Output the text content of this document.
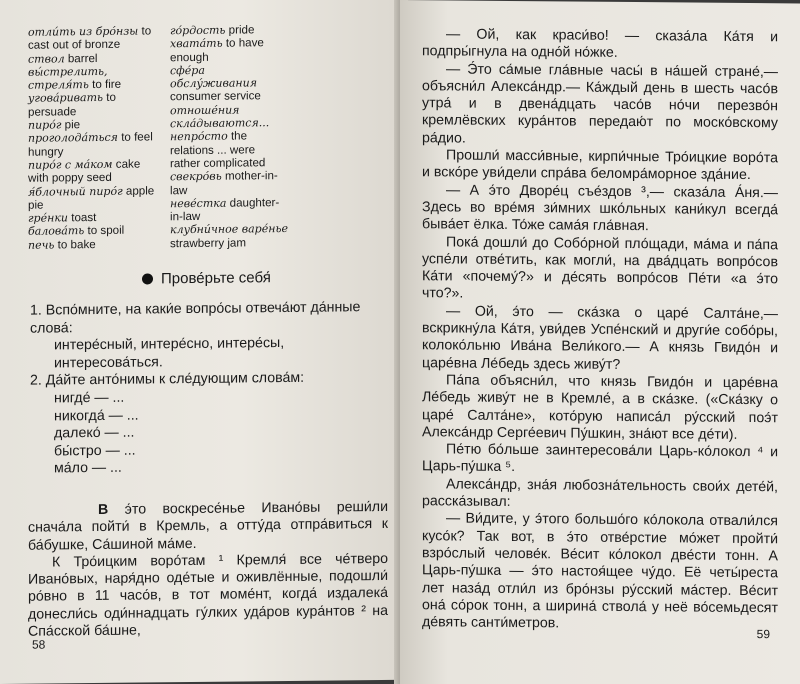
отли́ть из бро́нзы to cast out of bronze
ствол barrel
вы́стрелить, стреля́ть to fire
угова́ривать to persuade
пиро́г pie
проголода́ться to feel hungry
пиро́г с ма́ком cake with poppy seed
я́блочный пиро́г apple pie
гре́нки toast
балова́ть to spoil
печь to bake
го́рдость pride
хвата́ть to have enough
сфе́ра обслу́живания consumer service
отноше́ния скла́дываются... непро́сто the relations ... were rather complicated
свекро́вь mother-in-law
неве́стка daughter-in-law
клубни́чное варе́нье strawberry jam
Прове́рьте себя́

1. Вспо́мните, на каки́е вопро́сы отвеча́ют да́нные слова́:

интере́сный, интере́сно, интере́сы, интересова́ться.

2. Да́йте анто́нимы к сле́дующим слова́м:

нигде́ — ...

никогда́ — ...

далеко́ — ...

бы́стро — ...

ма́ло — ...

В э́то воскресе́нье Ивано́вы реши́ли снача́ла пойти́ в Кремль, а отту́да отпра́виться к ба́бушке, Са́шиной ма́ме.

К Тро́ицким воро́там ¹ Кремля́ все че́тверо Ивано́вых, наря́дно оде́тые и оживлённые, подошли́ ро́вно в 11 часо́в, в тот моме́нт, когда́ издалека́ донесли́сь оди́ннадцать гу́лких уда́ров кура́нтов ² на Спа́сской ба́шне,

58

— Ой, как краси́во! — сказа́ла Ка́тя и подпры́гнула на одно́й но́жке.

— Э́то са́мые гла́вные часы́ в на́шей стране́,— объясни́л Алекса́ндр.— Ка́ждый день в шесть часо́в утра́ и в двена́дцать часо́в но́чи перезво́н кремлёвских кура́нтов передаю́т по моско́вскому ра́дио.

Прошли́ масси́вные, кирпи́чные Тро́ицкие воро́та и вско́ре уви́дели спра́ва беломра́морное зда́ние.

— А э́то Дворе́ц съе́здов ³,— сказа́ла А́ня.— Здесь во вре́мя зи́мних шко́льных кани́кул всегда́ быва́ет ёлка. То́же сама́я гла́вная.

Пока́ дошли́ до Собо́рной пло́щади, ма́ма и па́па успе́ли отве́тить, как могли́, на два́дцать вопро́сов Ка́ти «почему́?» и де́сять вопро́сов Пе́ти «а э́то что?».

— Ой, э́то — ска́зка о царе́ Салта́не,— вскрикну́ла Ка́тя, уви́дев Успе́нский и други́е собо́ры, колоко́льню Ива́на Вели́кого.— А князь Гвидо́н и царе́вна Ле́бедь здесь живу́т?

Па́па объясни́л, что князь Гвидо́н и царе́вна Ле́бедь живу́т не в Кремле́, а в ска́зке. («Ска́зку о царе́ Салта́не», кото́рую написа́л ру́сский поэ́т Алекса́ндр Серге́евич Пу́шкин, зна́ют все де́ти).

Пе́тю бо́льше заинтересова́ли Царь-ко́локол ⁴ и Царь-пу́шка ⁵.

Алекса́ндр, зна́я любозна́тельность свои́х дете́й, расска́зывал:

— Ви́дите, у э́того большо́го ко́локола отвали́лся кусо́к? Так вот, в э́то отве́рстие мо́жет пройти́ взро́слый челове́к. Ве́сит ко́локол две́сти тонн. А Царь-пу́шка — э́то настоя́щее чу́до. Её четы́реста лет наза́д отли́л из бро́нзы ру́сский ма́стер. Ве́сит она́ со́рок тонн, а ширина́ ствола́ у неё во́семьдесят де́вять санти́метров.

59
